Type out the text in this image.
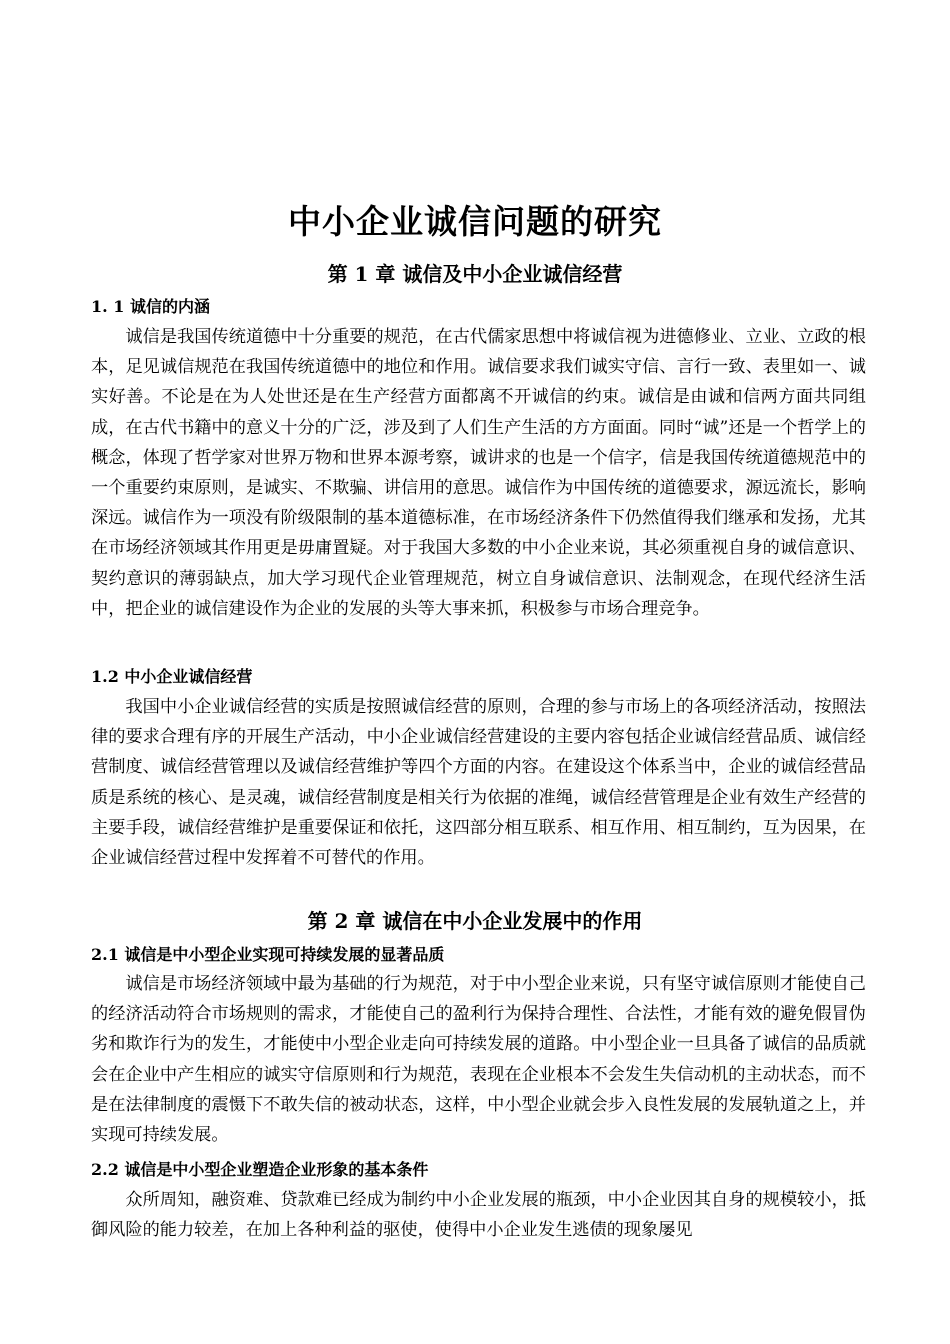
中小企业诚信问题的研究
第 1 章 诚信及中小企业诚信经营
1. 1 诚信的内涵

诚信是我国传统道德中十分重要的规范，在古代儒家思想中将诚信视为进德修业、立业、立政的根本，足见诚信规范在我国传统道德中的地位和作用。诚信要求我们诚实守信、言行一致、表里如一、诚实好善。不论是在为人处世还是在生产经营方面都离不开诚信的约束。诚信是由诚和信两方面共同组成，在古代书籍中的意义十分的广泛，涉及到了人们生产生活的方方面面。同时“诚”还是一个哲学上的概念，体现了哲学家对世界万物和世界本源考察，诚讲求的也是一个信字，信是我国传统道德规范中的一个重要约束原则，是诚实、不欺骗、讲信用的意思。诚信作为中国传统的道德要求，源远流长，影响深远。诚信作为一项没有阶级限制的基本道德标准，在市场经济条件下仍然值得我们继承和发扬，尤其在市场经济领域其作用更是毋庸置疑。对于我国大多数的中小企业来说，其必须重视自身的诚信意识、契约意识的薄弱缺点，加大学习现代企业管理规范，树立自身诚信意识、法制观念，在现代经济生活中，把企业的诚信建设作为企业的发展的头等大事来抓，积极参与市场合理竞争。

1.2 中小企业诚信经营

我国中小企业诚信经营的实质是按照诚信经营的原则，合理的参与市场上的各项经济活动，按照法律的要求合理有序的开展生产活动，中小企业诚信经营建设的主要内容包括企业诚信经营品质、诚信经营制度、诚信经营管理以及诚信经营维护等四个方面的内容。在建设这个体系当中，企业的诚信经营品质是系统的核心、是灵魂，诚信经营制度是相关行为依据的准绳，诚信经营管理是企业有效生产经营的主要手段，诚信经营维护是重要保证和依托，这四部分相互联系、相互作用、相互制约，互为因果，在企业诚信经营过程中发挥着不可替代的作用。

第 2 章 诚信在中小企业发展中的作用
2.1 诚信是中小型企业实现可持续发展的显著品质

诚信是市场经济领域中最为基础的行为规范，对于中小型企业来说，只有坚守诚信原则才能使自己的经济活动符合市场规则的需求，才能使自己的盈利行为保持合理性、合法性，才能有效的避免假冒伪劣和欺诈行为的发生，才能使中小型企业走向可持续发展的道路。中小型企业一旦具备了诚信的品质就会在企业中产生相应的诚实守信原则和行为规范，表现在企业根本不会发生失信动机的主动状态，而不是在法律制度的震慑下不敢失信的被动状态，这样，中小型企业就会步入良性发展的发展轨道之上，并实现可持续发展。

2.2 诚信是中小型企业塑造企业形象的基本条件

众所周知，融资难、贷款难已经成为制约中小企业发展的瓶颈，中小企业因其自身的规模较小，抵御风险的能力较差，在加上各种利益的驱使，使得中小企业发生逃债的现象屡见
